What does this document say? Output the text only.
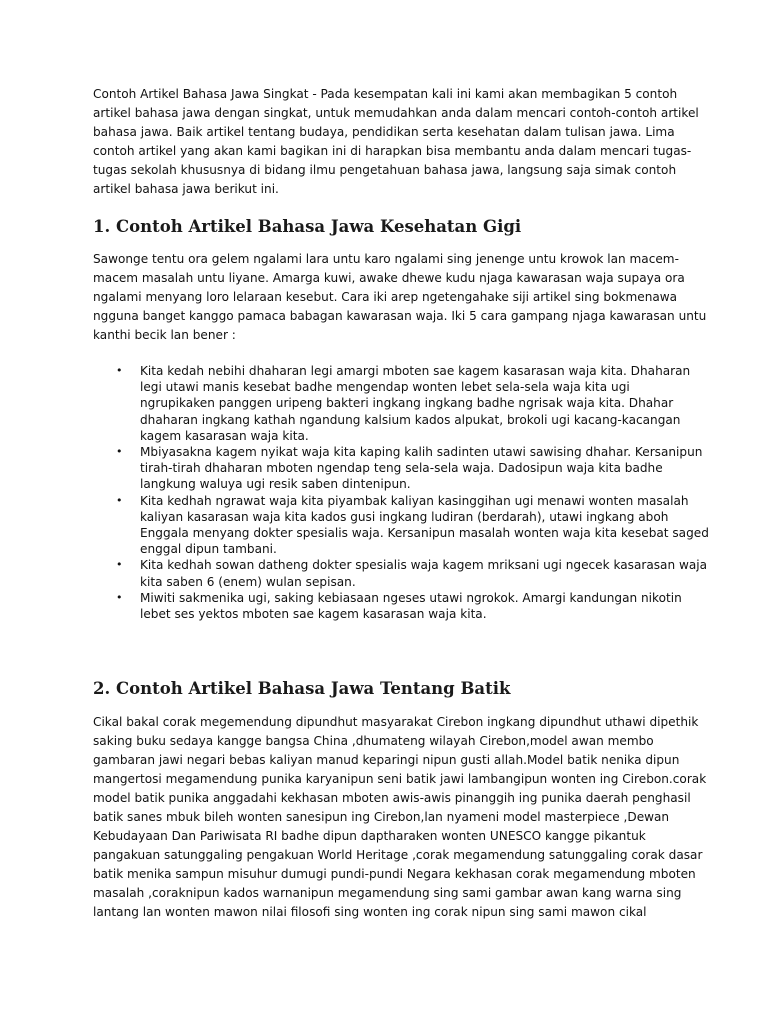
Contoh Artikel Bahasa Jawa Singkat - Pada kesempatan kali ini kami akan membagikan 5 contoh
artikel bahasa jawa dengan singkat, untuk memudahkan anda dalam mencari contoh-contoh artikel
bahasa jawa. Baik artikel tentang budaya, pendidikan serta kesehatan dalam tulisan jawa. Lima
contoh artikel yang akan kami bagikan ini di harapkan bisa membantu anda dalam mencari tugas-
tugas sekolah khususnya di bidang ilmu pengetahuan bahasa jawa, langsung saja simak contoh
artikel bahasa jawa berikut ini.
1. Contoh Artikel Bahasa Jawa Kesehatan Gigi
Sawonge tentu ora gelem ngalami lara untu karo ngalami sing jenenge untu krowok lan macem-
macem masalah untu liyane. Amarga kuwi, awake dhewe kudu njaga kawarasan waja supaya ora
ngalami menyang loro lelaraan kesebut. Cara iki arep ngetengahake siji artikel sing bokmenawa
ngguna banget kanggo pamaca babagan kawarasan waja. Iki 5 cara gampang njaga kawarasan untu
kanthi becik lan bener :
• Kita kedah nebihi dhaharan legi amargi mboten sae kagem kasarasan waja kita. Dhaharan
legi utawi manis kesebat badhe mengendap wonten lebet sela-sela waja kita ugi
ngrupikaken panggen uripeng bakteri ingkang ingkang badhe ngrisak waja kita. Dhahar
dhaharan ingkang kathah ngandung kalsium kados alpukat, brokoli ugi kacang-kacangan
kagem kasarasan waja kita.
• Mbiyasakna kagem nyikat waja kita kaping kalih sadinten utawi sawising dhahar. Kersanipun
tirah-tirah dhaharan mboten ngendap teng sela-sela waja. Dadosipun waja kita badhe
langkung waluya ugi resik saben dintenipun.
• Kita kedhah ngrawat waja kita piyambak kaliyan kasinggihan ugi menawi wonten masalah
kaliyan kasarasan waja kita kados gusi ingkang ludiran (berdarah), utawi ingkang aboh
Enggala menyang dokter spesialis waja. Kersanipun masalah wonten waja kita kesebat saged
enggal dipun tambani.
• Kita kedhah sowan datheng dokter spesialis waja kagem mriksani ugi ngecek kasarasan waja
kita saben 6 (enem) wulan sepisan.
• Miwiti sakmenika ugi, saking kebiasaan ngeses utawi ngrokok. Amargi kandungan nikotin
lebet ses yektos mboten sae kagem kasarasan waja kita.
2. Contoh Artikel Bahasa Jawa Tentang Batik
Cikal bakal corak megemendung dipundhut masyarakat Cirebon ingkang dipundhut uthawi dipethik
saking buku sedaya kangge bangsa China ,dhumateng wilayah Cirebon,model awan membo
gambaran jawi negari bebas kaliyan manud keparingi nipun gusti allah.Model batik nenika dipun
mangertosi megamendung punika karyanipun seni batik jawi lambangipun wonten ing Cirebon.corak
model batik punika anggadahi kekhasan mboten awis-awis pinanggih ing punika daerah penghasil
batik sanes mbuk bileh wonten sanesipun ing Cirebon,lan nyameni model masterpiece ,Dewan
Kebudayaan Dan Pariwisata RI badhe dipun daptharaken wonten UNESCO kangge pikantuk
pangakuan satunggaling pengakuan World Heritage ,corak megamendung satunggaling corak dasar
batik menika sampun misuhur dumugi pundi-pundi Negara kekhasan corak megamendung mboten
masalah ,coraknipun kados warnanipun megamendung sing sami gambar awan kang warna sing
lantang lan wonten mawon nilai filosofi sing wonten ing corak nipun sing sami mawon cikal
